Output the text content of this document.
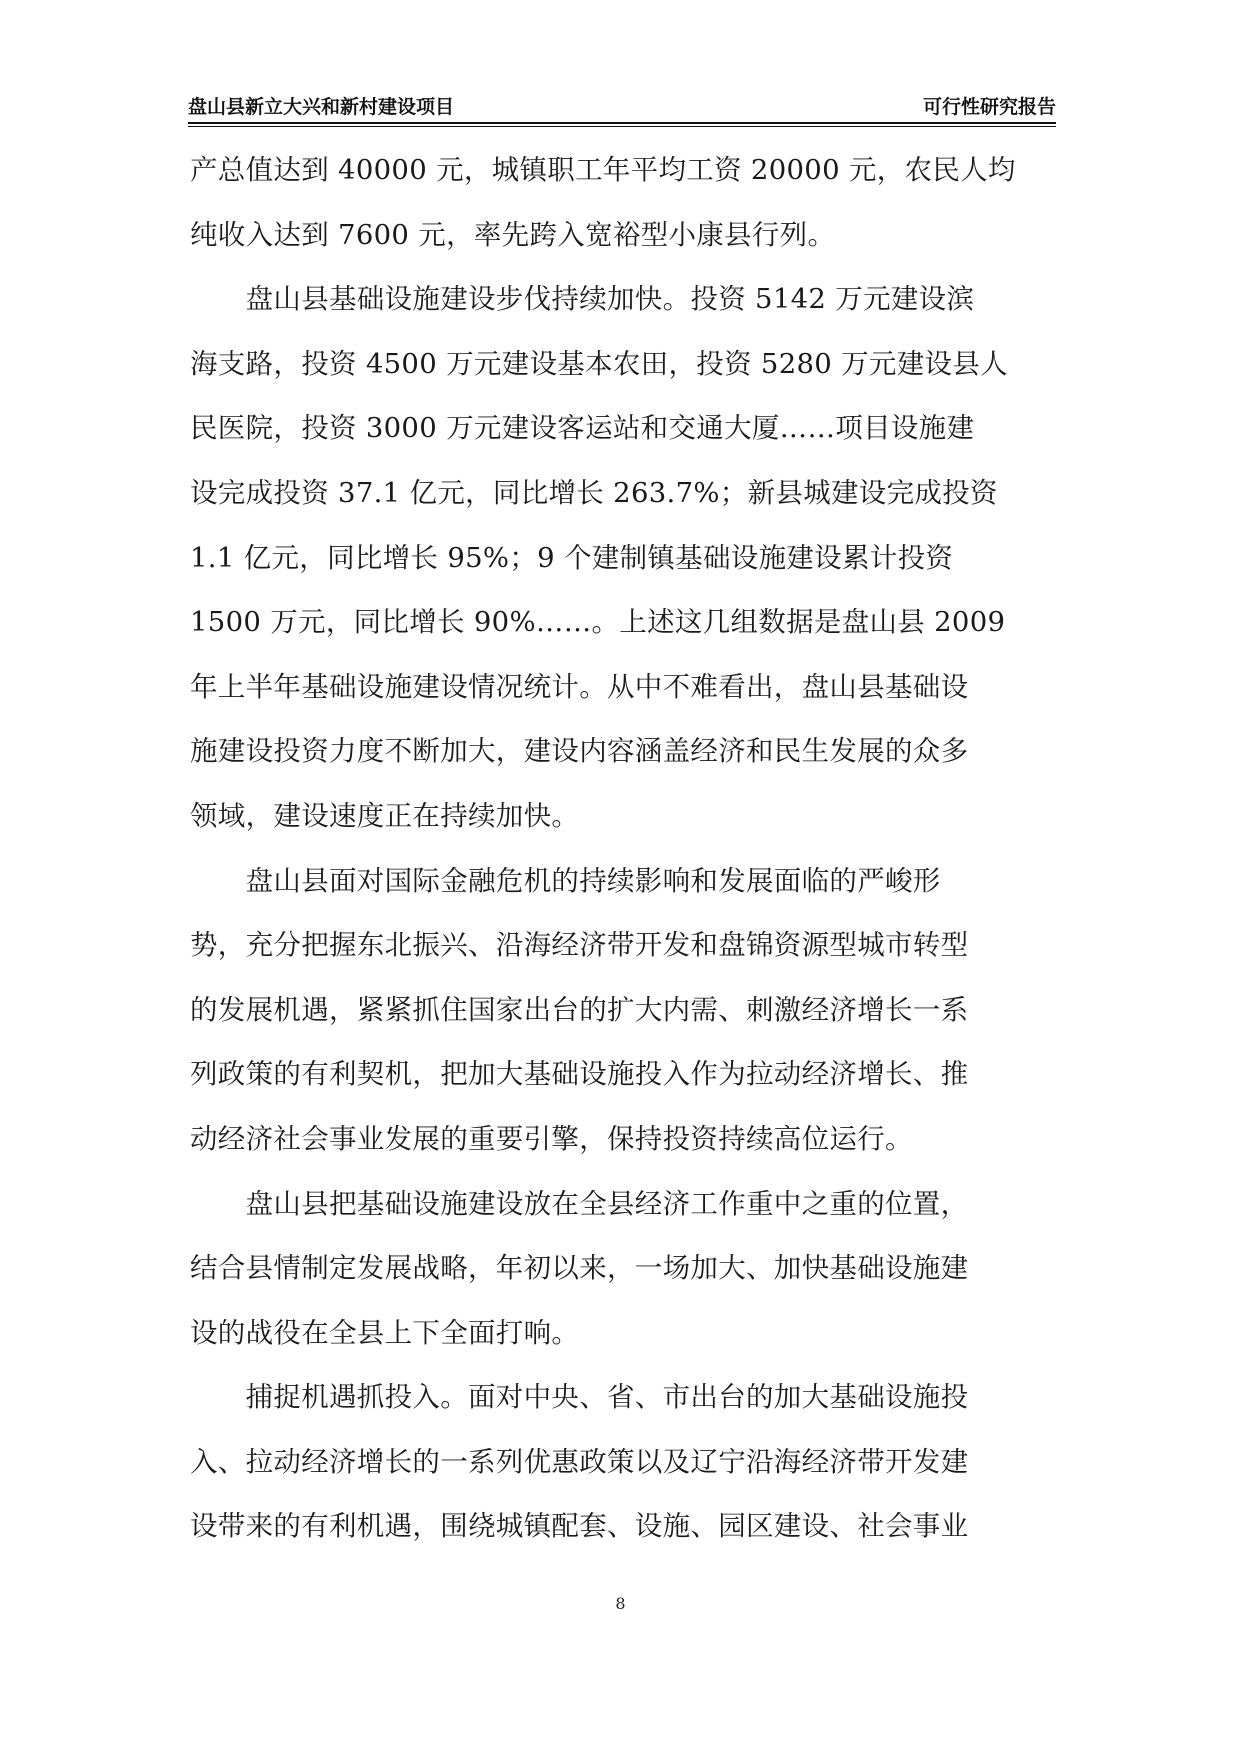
盘山县新立大兴和新村建设项目	可行性研究报告
产总值达到 40000 元，城镇职工年平均工资 20000 元，农民人均
纯收入达到 7600 元，率先跨入宽裕型小康县行列。
　　盘山县基础设施建设步伐持续加快。投资 5142 万元建设滨
海支路，投资 4500 万元建设基本农田，投资 5280 万元建设县人
民医院，投资 3000 万元建设客运站和交通大厦……项目设施建
设完成投资 37.1 亿元，同比增长 263.7%；新县城建设完成投资
1.1 亿元，同比增长 95%；9 个建制镇基础设施建设累计投资
1500 万元，同比增长 90%……。上述这几组数据是盘山县 2009
年上半年基础设施建设情况统计。从中不难看出，盘山县基础设
施建设投资力度不断加大，建设内容涵盖经济和民生发展的众多
领域，建设速度正在持续加快。
　　盘山县面对国际金融危机的持续影响和发展面临的严峻形
势，充分把握东北振兴、沿海经济带开发和盘锦资源型城市转型
的发展机遇，紧紧抓住国家出台的扩大内需、刺激经济增长一系
列政策的有利契机，把加大基础设施投入作为拉动经济增长、推
动经济社会事业发展的重要引擎，保持投资持续高位运行。
　　盘山县把基础设施建设放在全县经济工作重中之重的位置，
结合县情制定发展战略，年初以来，一场加大、加快基础设施建
设的战役在全县上下全面打响。
　　捕捉机遇抓投入。面对中央、省、市出台的加大基础设施投
入、拉动经济增长的一系列优惠政策以及辽宁沿海经济带开发建
设带来的有利机遇，围绕城镇配套、设施、园区建设、社会事业
8
